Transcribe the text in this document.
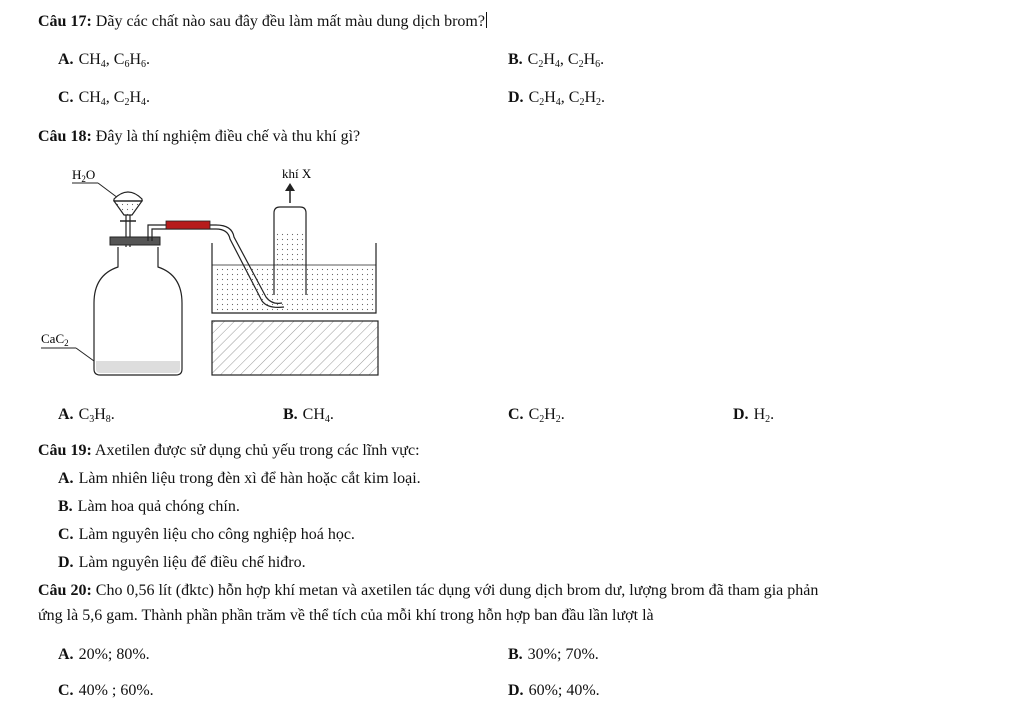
Câu 17: Dãy các chất nào sau đây đều làm mất màu dung dịch brom?
A. $CH_4$, $C_6H_6$.	B. $C_2H_4$, $C_2H_6$.
C. $CH_4$, $C_2H_4$.	D. $C_2H_4$, $C_2H_2$.
Câu 18: Đây là thí nghiệm điều chế và thu khí gì?
$H_2O$	khí X
CaC$_2$
A. $C_3H_8$.	B. $CH_4$.	C. $C_2H_2$.	D. $H_2$.
Câu 19: Axetilen được sử dụng chủ yếu trong các lĩnh vực:
A. Làm nhiên liệu trong đèn xì để hàn hoặc cắt kim loại.
B. Làm hoa quả chóng chín.
C. Làm nguyên liệu cho công nghiệp hoá học.
D. Làm nguyên liệu để điều chế hiđro.
Câu 20: Cho 0,56 lít (đktc) hỗn hợp khí metan và axetilen tác dụng với dung dịch brom dư, lượng brom đã tham gia phản
ứng là 5,6 gam. Thành phần phần trăm về thể tích của mỗi khí trong hỗn hợp ban đầu lần lượt là
A. 20%; 80%.	B. 30%; 70%.
C. 40% ; 60%.	D. 60%; 40%.
